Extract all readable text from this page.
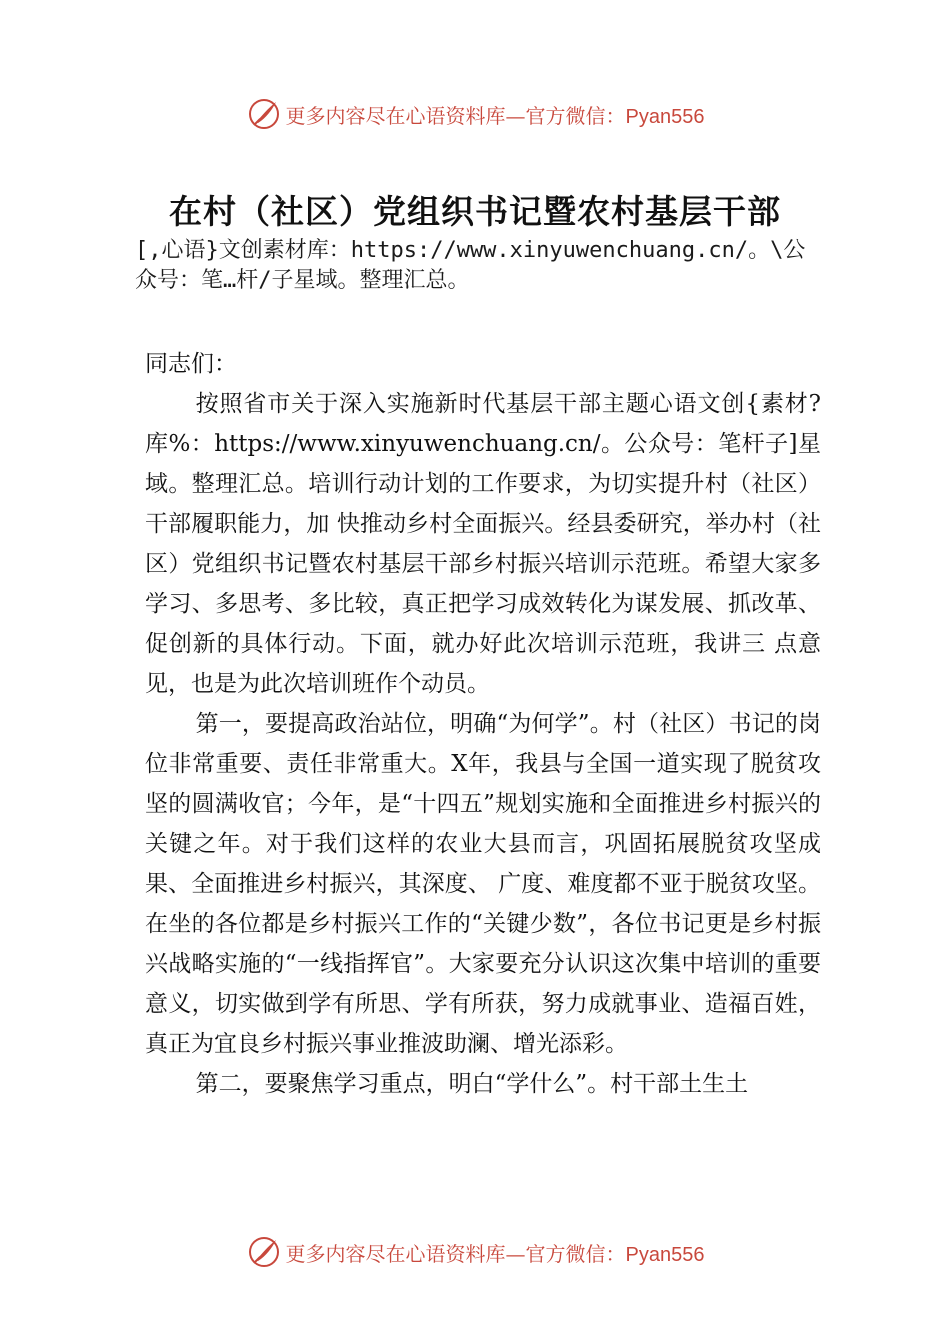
更多内容尽在心语资料库—官方微信：Pyan556
在村（社区）党组织书记暨农村基层干部
[,心语}文创素材库：https://www.xinyuwenchuang.cn/。\公众号：笔…杆/子星域。整理汇总。

同志们：

按照省市关于深入实施新时代基层干部主题心语文创{素材?库%：https://www.xinyuwenchuang.cn/。公众号：笔杆子]星域。整理汇总。培训行动计划的工作要求，为切实提升村（社区）干部履职能力，加 快推动乡村全面振兴。经县委研究，举办村（社区）党组织书记暨农村基层干部乡村振兴培训示范班。希望大家多学习、多思考、多比较，真正把学习成效转化为谋发展、抓改革、促创新的具体行动。下面，就办好此次培训示范班，我讲三 点意见，也是为此次培训班作个动员。

第一，要提高政治站位，明确“为何学”。村（社区）书记的岗位非常重要、责任非常重大。X年，我县与全国一道实现了脱贫攻坚的圆满收官；今年，是“十四五”规划实施和全面推进乡村振兴的关键之年。对于我们这样的农业大县而言，巩固拓展脱贫攻坚成果、全面推进乡村振兴，其深度、 广度、难度都不亚于脱贫攻坚。在坐的各位都是乡村振兴工作的“关键少数”，各位书记更是乡村振兴战略实施的“一线指挥官”。大家要充分认识这次集中培训的重要意义，切实做到学有所思、学有所获，努力成就事业、造福百姓，真正为宜良乡村振兴事业推波助澜、增光添彩。

第二，要聚焦学习重点，明白“学什么”。村干部土生土

更多内容尽在心语资料库—官方微信：Pyan556
